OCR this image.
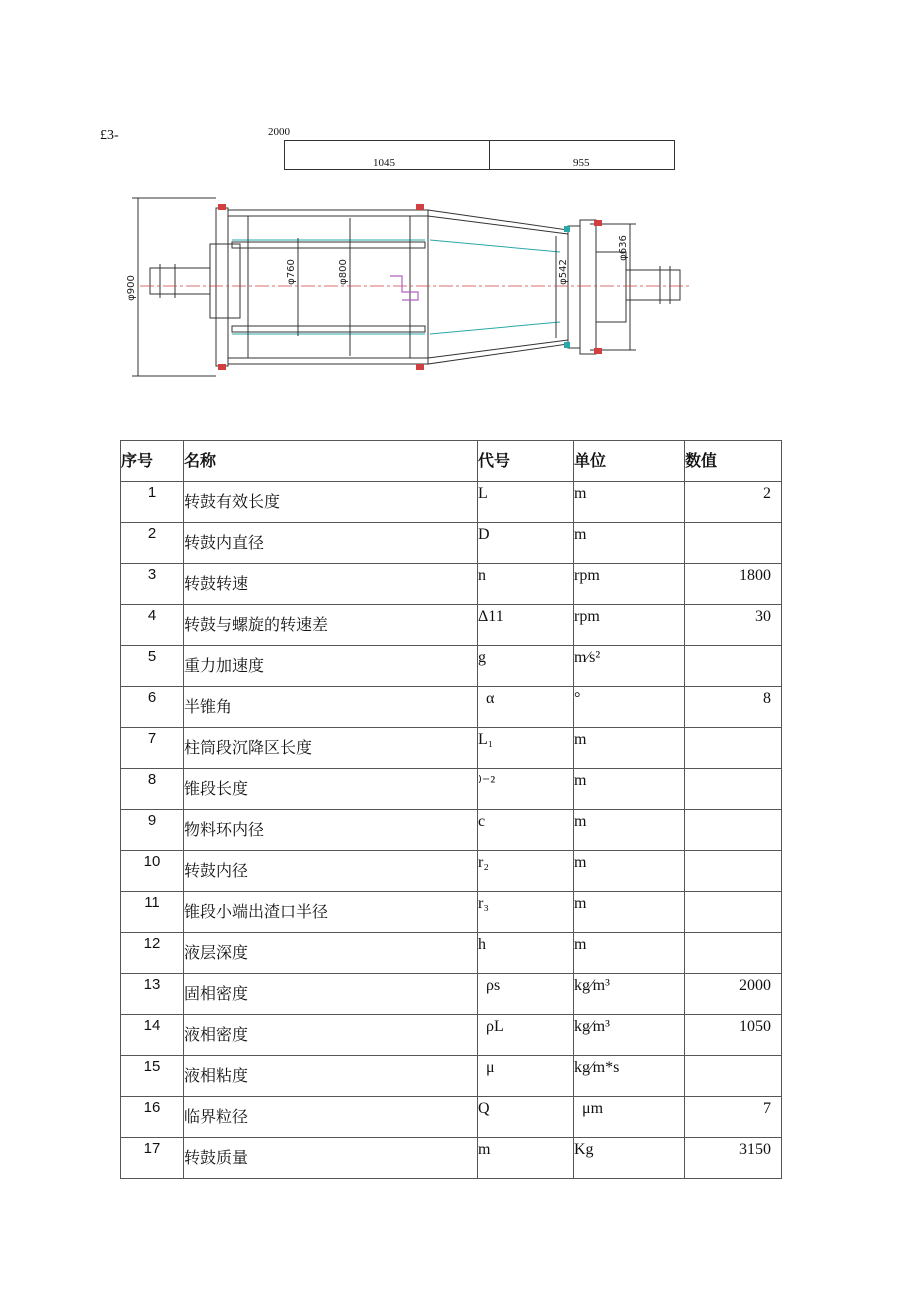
£3-	2000
1045	955
φ900
φ760	φ800	φ542
φ636
序号	名称	代号	单位	数值

1	转鼓有效长度	L	m	2

2	转鼓内直径	D	m	

3	转鼓转速	n	rpm	1800

4	转鼓与螺旋的转速差	Δ11	rpm	30

5	重力加速度	g	m∕s²	

6	半锥角	α	°	8

7	柱筒段沉降区长度	L₁	m	

8	锥段长度	⁾⁻²	m	

9	物料环内径	c	m	

10	转鼓内径	r₂	m	

11	锥段小端出渣口半径	r₃	m	

12	液层深度	h	m	

13	固相密度	ρs	kg∕m³	2000

14	液相密度	ρL	kg∕m³	1050

15	液相粘度	μ	kg∕m*s	

16	临界粒径	Q	μm	7

17	转鼓质量	m	Kg	3150
